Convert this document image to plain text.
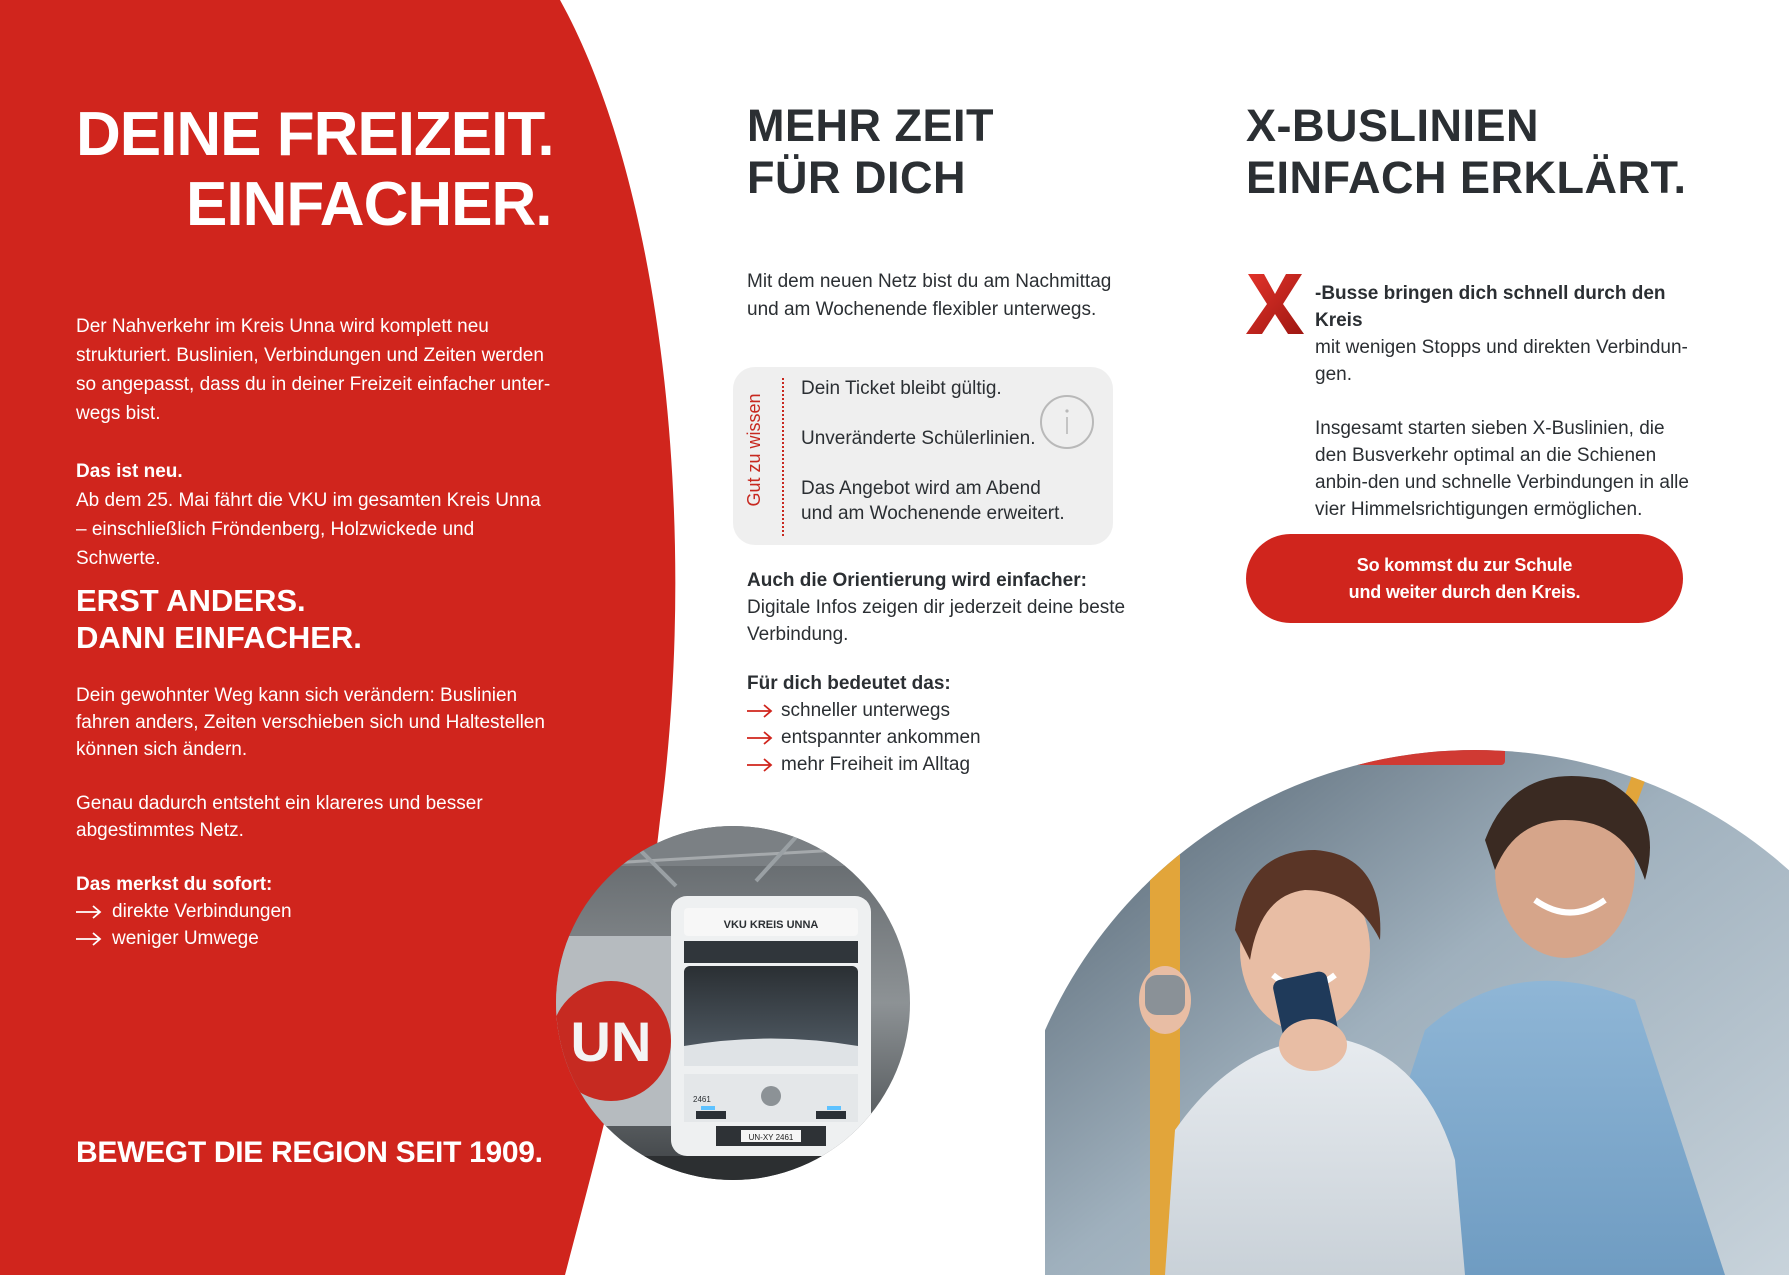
DEINE FREIZEIT.
EINFACHER.

Der Nahverkehr im Kreis Unna wird komplett neu strukturiert. Buslinien, Verbindungen und Zeiten werden so angepasst, dass du in deiner Freizeit einfacher unter-wegs bist.

Das ist neu.
Ab dem 25. Mai fährt die VKU im gesamten Kreis Unna – einschließlich Fröndenberg, Holzwickede und Schwerte.

ERST ANDERS.
DANN EINFACHER.

Dein gewohnter Weg kann sich verändern: Buslinien fahren anders, Zeiten verschieben sich und Haltestellen können sich ändern.

Genau dadurch entsteht ein klareres und besser abgestimmtes Netz.

Das merkst du sofort:
direkte Verbindungen
weniger Umwege
BEWEGT DIE REGION SEIT 1909.
MEHR ZEIT
FÜR DICH

Mit dem neuen Netz bist du am Nachmittag und am Wochenende flexibler unterwegs.

Gut zu wissen
Dein Ticket bleibt gültig.
Unveränderte Schülerlinien.
Das Angebot wird am Abend und am Wochenende erweitert.
Auch die Orientierung wird einfacher:
Digitale Infos zeigen dir jederzeit deine beste Verbindung.
Für dich bedeutet das:
schneller unterwegs
entspannter ankommen
mehr Freiheit im Alltag
X-BUSLINIEN
EINFACH ERKLÄRT.

-Busse bringen dich schnell durch den Kreis
mit wenigen Stopps und direkten Verbindun-gen.

Insgesamt starten sieben X-Buslinien, die den Busverkehr optimal an die Schienen anbin-den und schnelle Verbindungen in alle vier Himmelsrichtigungen ermöglichen.

So kommst du zur Schule
und weiter durch den Kreis.
UN
VKU KREIS UNNA
UN-XY 2461
2461
